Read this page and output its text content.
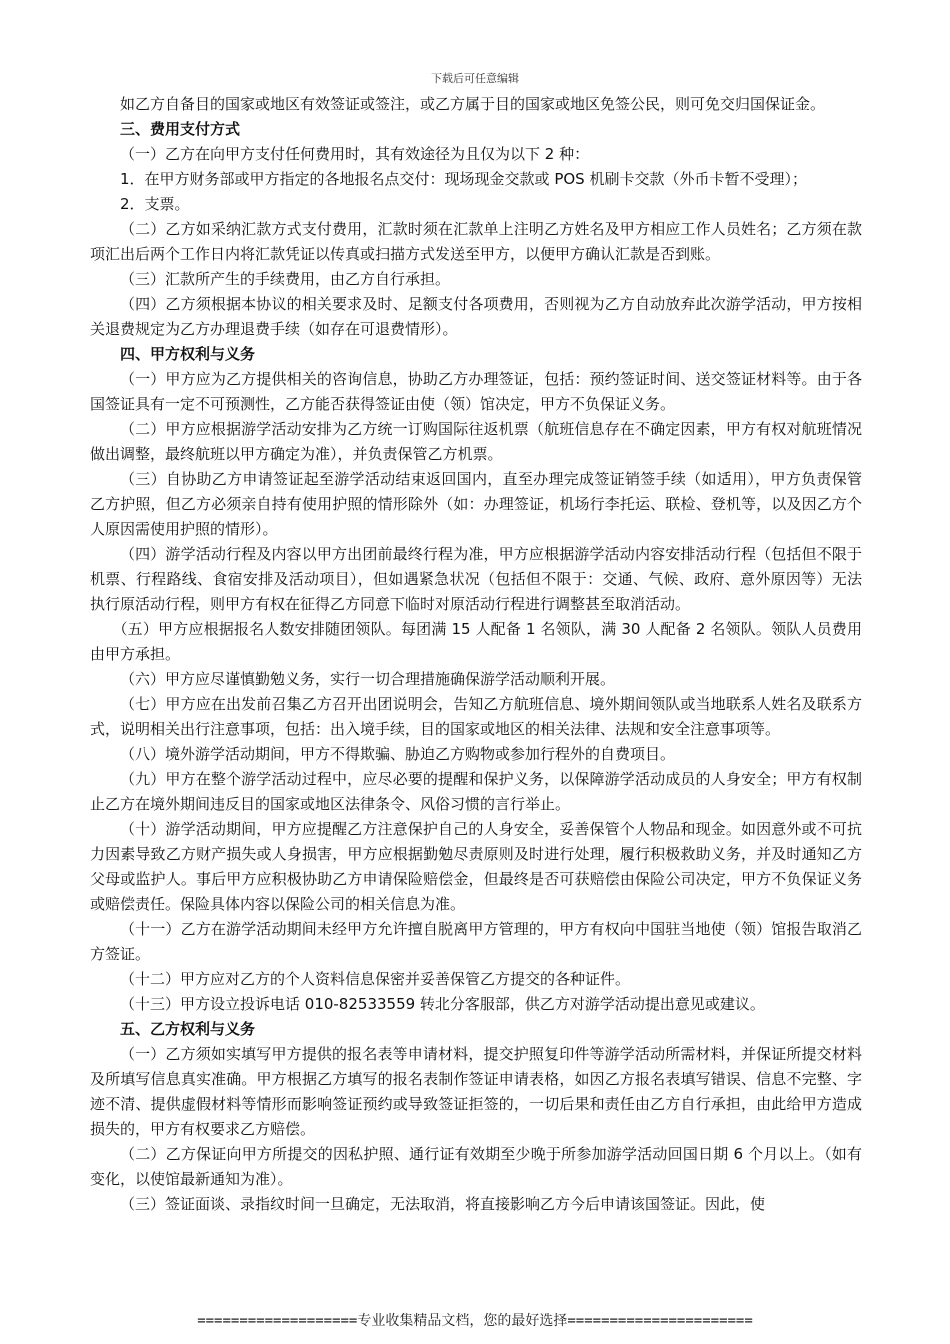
下载后可任意编辑

如乙方自备目的国家或地区有效签证或签注，或乙方属于目的国家或地区免签公民，则可免交归国保证金。

三、费用支付方式

（一）乙方在向甲方支付任何费用时，其有效途径为且仅为以下 2 种：

1．在甲方财务部或甲方指定的各地报名点交付：现场现金交款或 POS 机刷卡交款（外币卡暂不受理）；

2．支票。

（二）乙方如采纳汇款方式支付费用，汇款时须在汇款单上注明乙方姓名及甲方相应工作人员姓名；乙方须在款项汇出后两个工作日内将汇款凭证以传真或扫描方式发送至甲方，以便甲方确认汇款是否到账。

（三）汇款所产生的手续费用，由乙方自行承担。

（四）乙方须根据本协议的相关要求及时、足额支付各项费用，否则视为乙方自动放弃此次游学活动，甲方按相关退费规定为乙方办理退费手续（如存在可退费情形）。

四、甲方权利与义务

（一）甲方应为乙方提供相关的咨询信息，协助乙方办理签证，包括：预约签证时间、送交签证材料等。由于各国签证具有一定不可预测性，乙方能否获得签证由使（领）馆决定，甲方不负保证义务。

（二）甲方应根据游学活动安排为乙方统一订购国际往返机票（航班信息存在不确定因素，甲方有权对航班情况做出调整，最终航班以甲方确定为准），并负责保管乙方机票。

（三）自协助乙方申请签证起至游学活动结束返回国内，直至办理完成签证销签手续（如适用），甲方负责保管乙方护照，但乙方必须亲自持有使用护照的情形除外（如：办理签证，机场行李托运、联检、登机等，以及因乙方个人原因需使用护照的情形）。

（四）游学活动行程及内容以甲方出团前最终行程为准，甲方应根据游学活动内容安排活动行程（包括但不限于机票、行程路线、食宿安排及活动项目），但如遇紧急状况（包括但不限于：交通、气候、政府、意外原因等）无法执行原活动行程，则甲方有权在征得乙方同意下临时对原活动行程进行调整甚至取消活动。

（五）甲方应根据报名人数安排随团领队。每团满 15 人配备 1 名领队，满 30 人配备 2 名领队。领队人员费用由甲方承担。

（六）甲方应尽谨慎勤勉义务，实行一切合理措施确保游学活动顺利开展。

（七）甲方应在出发前召集乙方召开出团说明会，告知乙方航班信息、境外期间领队或当地联系人姓名及联系方式，说明相关出行注意事项，包括：出入境手续，目的国家或地区的相关法律、法规和安全注意事项等。

（八）境外游学活动期间，甲方不得欺骗、胁迫乙方购物或参加行程外的自费项目。

（九）甲方在整个游学活动过程中，应尽必要的提醒和保护义务，以保障游学活动成员的人身安全；甲方有权制止乙方在境外期间违反目的国家或地区法律条令、风俗习惯的言行举止。

（十）游学活动期间，甲方应提醒乙方注意保护自己的人身安全，妥善保管个人物品和现金。如因意外或不可抗力因素导致乙方财产损失或人身损害，甲方应根据勤勉尽责原则及时进行处理，履行积极救助义务，并及时通知乙方父母或监护人。事后甲方应积极协助乙方申请保险赔偿金，但最终是否可获赔偿由保险公司决定，甲方不负保证义务或赔偿责任。保险具体内容以保险公司的相关信息为准。

（十一）乙方在游学活动期间未经甲方允许擅自脱离甲方管理的，甲方有权向中国驻当地使（领）馆报告取消乙方签证。

（十二）甲方应对乙方的个人资料信息保密并妥善保管乙方提交的各种证件。

（十三）甲方设立投诉电话 010-82533559 转北分客服部，供乙方对游学活动提出意见或建议。

五、乙方权利与义务

（一）乙方须如实填写甲方提供的报名表等申请材料，提交护照复印件等游学活动所需材料，并保证所提交材料及所填写信息真实准确。甲方根据乙方填写的报名表制作签证申请表格，如因乙方报名表填写错误、信息不完整、字迹不清、提供虚假材料等情形而影响签证预约或导致签证拒签的，一切后果和责任由乙方自行承担，由此给甲方造成损失的，甲方有权要求乙方赔偿。

（二）乙方保证向甲方所提交的因私护照、通行证有效期至少晚于所参加游学活动回国日期 6 个月以上。（如有变化，以使馆最新通知为准）。

（三）签证面谈、录指纹时间一旦确定，无法取消，将直接影响乙方今后申请该国签证。因此，使

===================专业收集精品文档，您的最好选择======================
